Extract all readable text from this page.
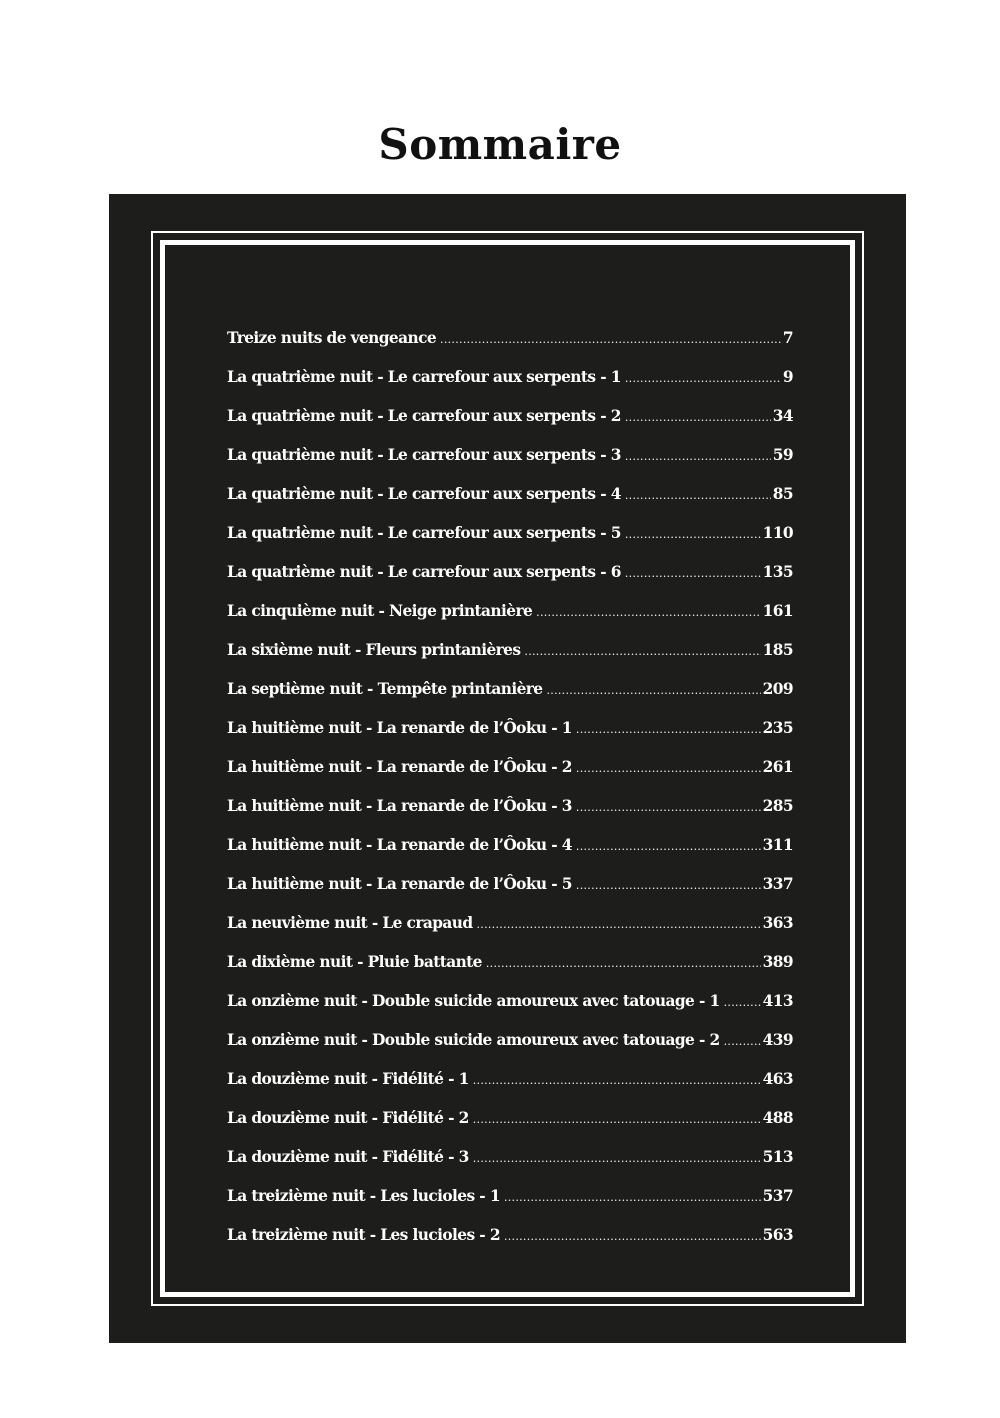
Sommaire
Treize nuits de vengeance .....	7
La quatrième nuit - Le carrefour aux serpents - 1 .....	9
La quatrième nuit - Le carrefour aux serpents - 2 .....	34
La quatrième nuit - Le carrefour aux serpents - 3 .....	59
La quatrième nuit - Le carrefour aux serpents - 4 .....	85
La quatrième nuit - Le carrefour aux serpents - 5 .....	110
La quatrième nuit - Le carrefour aux serpents - 6 .....	135
La cinquième nuit - Neige printanière .....	161
La sixième nuit - Fleurs printanières .....	185
La septième nuit - Tempête printanière .....	209
La huitième nuit - La renarde de l’Ôoku - 1 .....	235
La huitième nuit - La renarde de l’Ôoku - 2 .....	261
La huitième nuit - La renarde de l’Ôoku - 3 .....	285
La huitième nuit - La renarde de l’Ôoku - 4 .....	311
La huitième nuit - La renarde de l’Ôoku - 5 .....	337
La neuvième nuit - Le crapaud .....	363
La dixième nuit - Pluie battante .....	389
La onzième nuit - Double suicide amoureux avec tatouage - 1 .....	413
La onzième nuit - Double suicide amoureux avec tatouage - 2 .....	439
La douzième nuit - Fidélité - 1 .....	463
La douzième nuit - Fidélité - 2 .....	488
La douzième nuit - Fidélité - 3 .....	513
La treizième nuit - Les lucioles - 1 .....	537
La treizième nuit - Les lucioles - 2 .....	563
